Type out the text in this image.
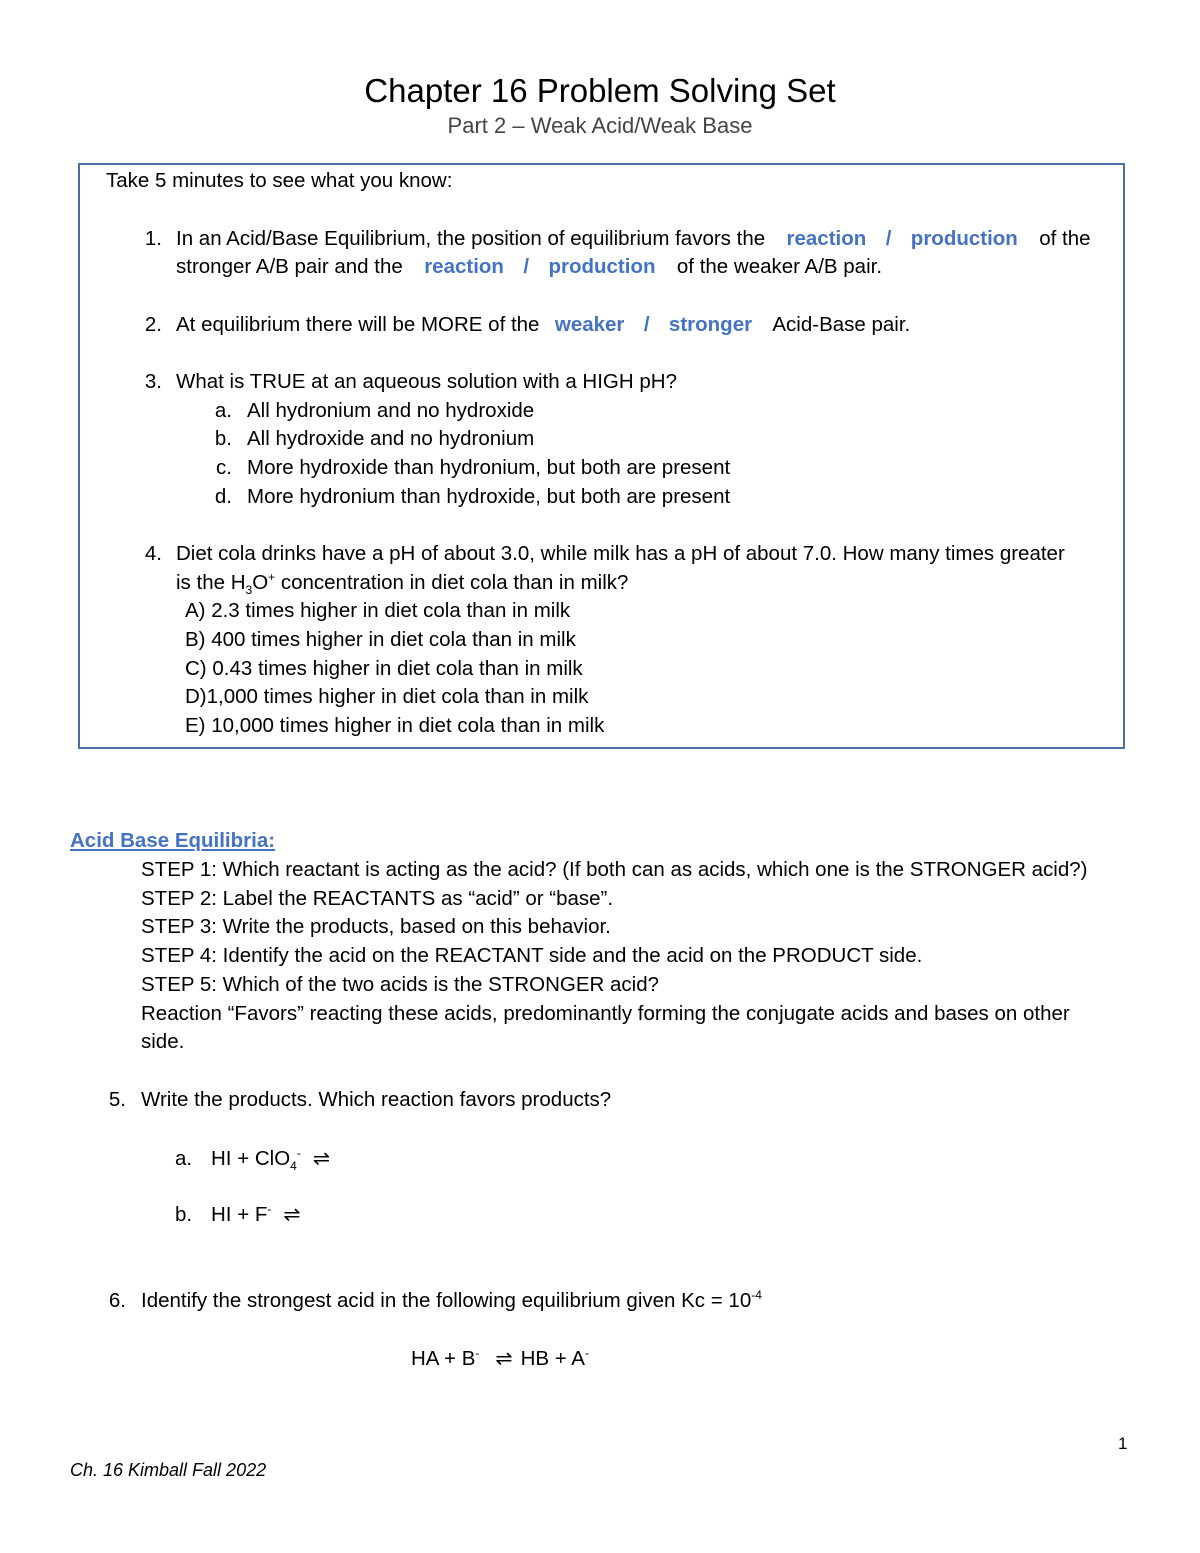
Chapter 16 Problem Solving Set
Part 2 – Weak Acid/Weak Base
Take 5 minutes to see what you know:
1. In an Acid/Base Equilibrium, the position of equilibrium favors the reaction / production of the
stronger A/B pair and the reaction / production of the weaker A/B pair.
2. At equilibrium there will be MORE of the weaker / stronger Acid-Base pair.
3. What is TRUE at an aqueous solution with a HIGH pH?
a. All hydronium and no hydroxide
b. All hydroxide and no hydronium
c. More hydroxide than hydronium, but both are present
d. More hydronium than hydroxide, but both are present
4. Diet cola drinks have a pH of about 3.0, while milk has a pH of about 7.0. How many times greater
is the $H_3O^+$ concentration in diet cola than in milk?
A) 2.3 times higher in diet cola than in milk
B) 400 times higher in diet cola than in milk
C) 0.43 times higher in diet cola than in milk
D)1,000 times higher in diet cola than in milk
E) 10,000 times higher in diet cola than in milk
Acid Base Equilibria:
STEP 1: Which reactant is acting as the acid? (If both can as acids, which one is the STRONGER acid?)
STEP 2: Label the REACTANTS as “acid” or “base”.
STEP 3: Write the products, based on this behavior.
STEP 4: Identify the acid on the REACTANT side and the acid on the PRODUCT side.
STEP 5: Which of the two acids is the STRONGER acid?
Reaction “Favors” reacting these acids, predominantly forming the conjugate acids and bases on other
side.
5. Write the products. Which reaction favors products?
a. HI + ClO$_4$- ⇌
b. HI + F- ⇌
6. Identify the strongest acid in the following equilibrium given $Kc = 10^{-4}$
HA + B- ⇌ HB + A-
1
Ch. 16 Kimball Fall 2022
